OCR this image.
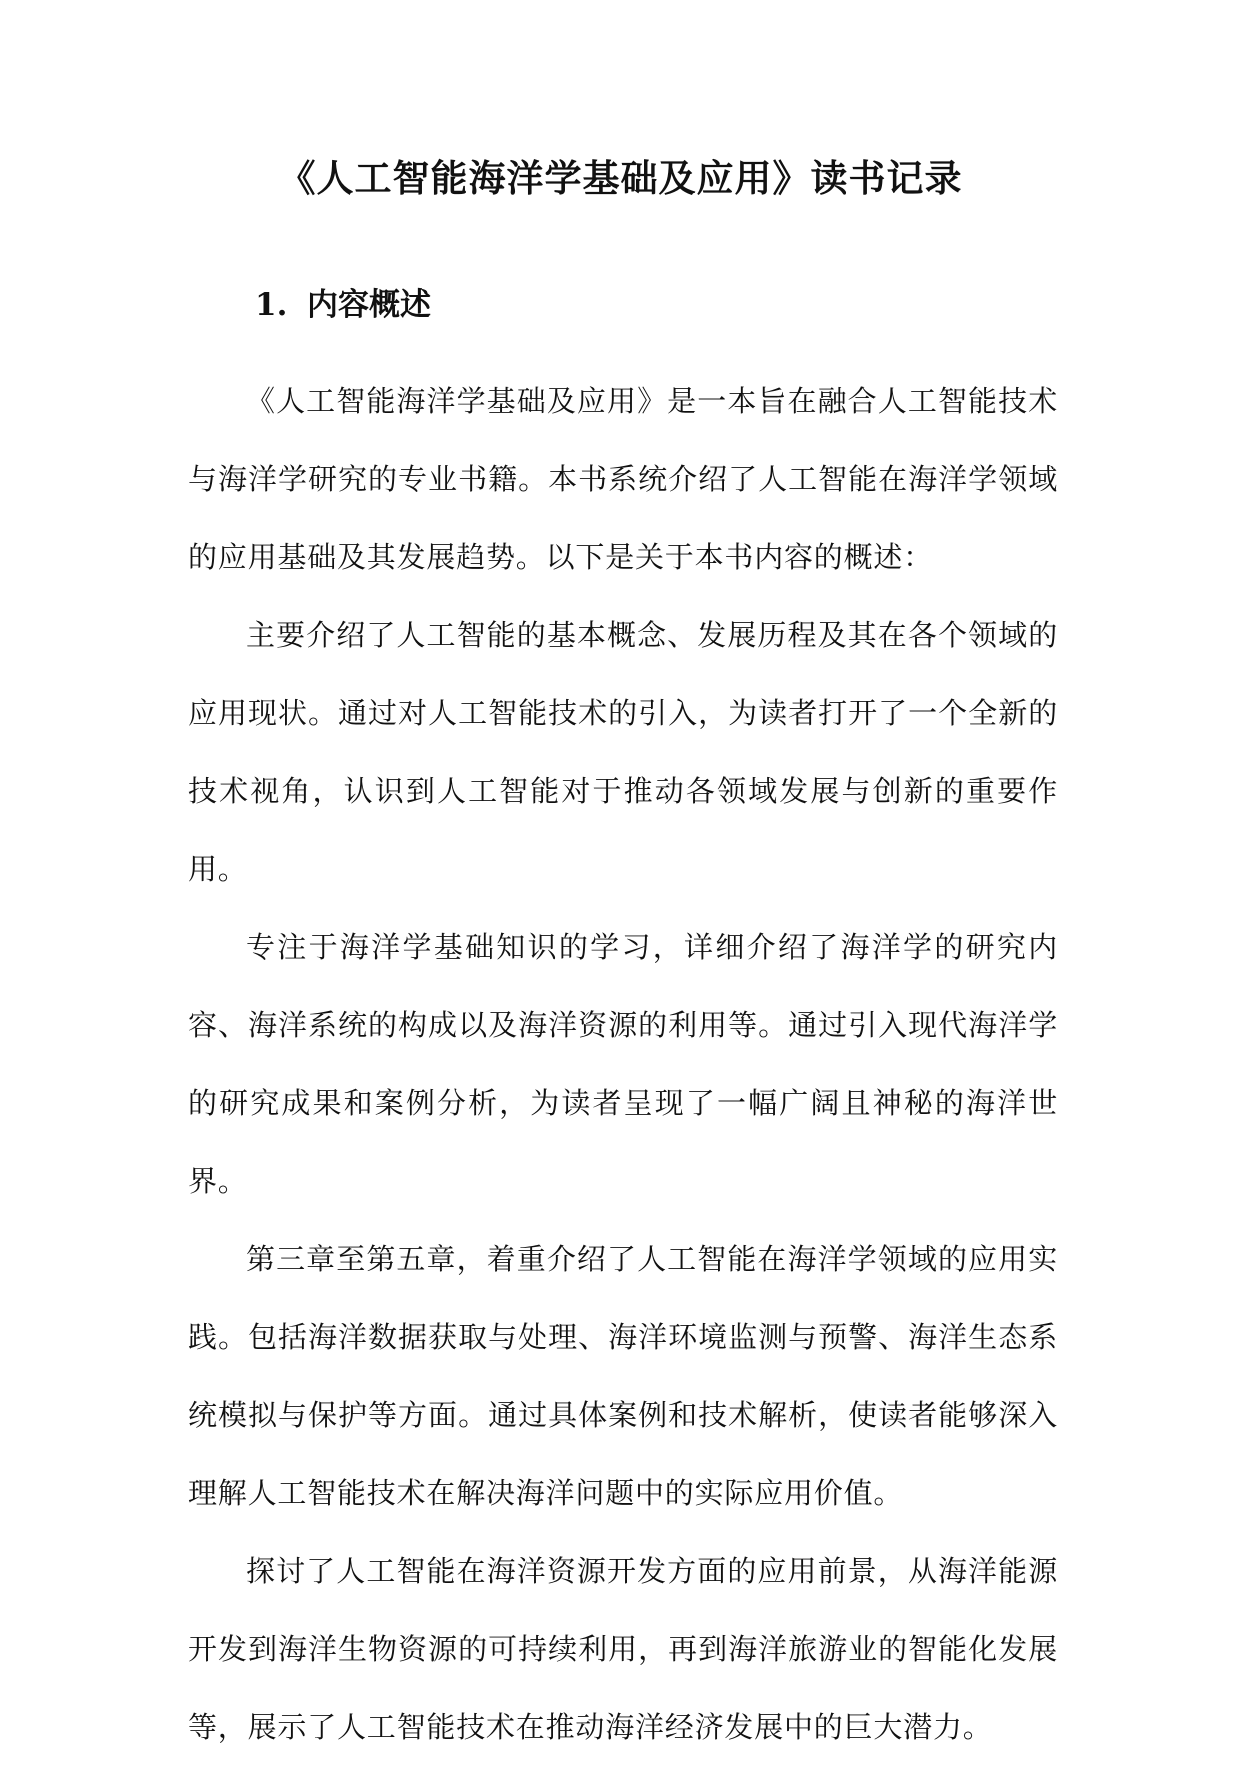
《人工智能海洋学基础及应用》读书记录
1. 内容概述

《人工智能海洋学基础及应用》是一本旨在融合人工智能技术与海洋学研究的专业书籍。本书系统介绍了人工智能在海洋学领域的应用基础及其发展趋势。以下是关于本书内容的概述：

主要介绍了人工智能的基本概念、发展历程及其在各个领域的应用现状。通过对人工智能技术的引入，为读者打开了一个全新的技术视角，认识到人工智能对于推动各领域发展与创新的重要作用。

专注于海洋学基础知识的学习，详细介绍了海洋学的研究内容、海洋系统的构成以及海洋资源的利用等。通过引入现代海洋学的研究成果和案例分析，为读者呈现了一幅广阔且神秘的海洋世界。

第三章至第五章，着重介绍了人工智能在海洋学领域的应用实践。包括海洋数据获取与处理、海洋环境监测与预警、海洋生态系统模拟与保护等方面。通过具体案例和技术解析，使读者能够深入理解人工智能技术在解决海洋问题中的实际应用价值。

探讨了人工智能在海洋资源开发方面的应用前景，从海洋能源开发到海洋生物资源的可持续利用，再到海洋旅游业的智能化发展等，展示了人工智能技术在推动海洋经济发展中的巨大潜力。
